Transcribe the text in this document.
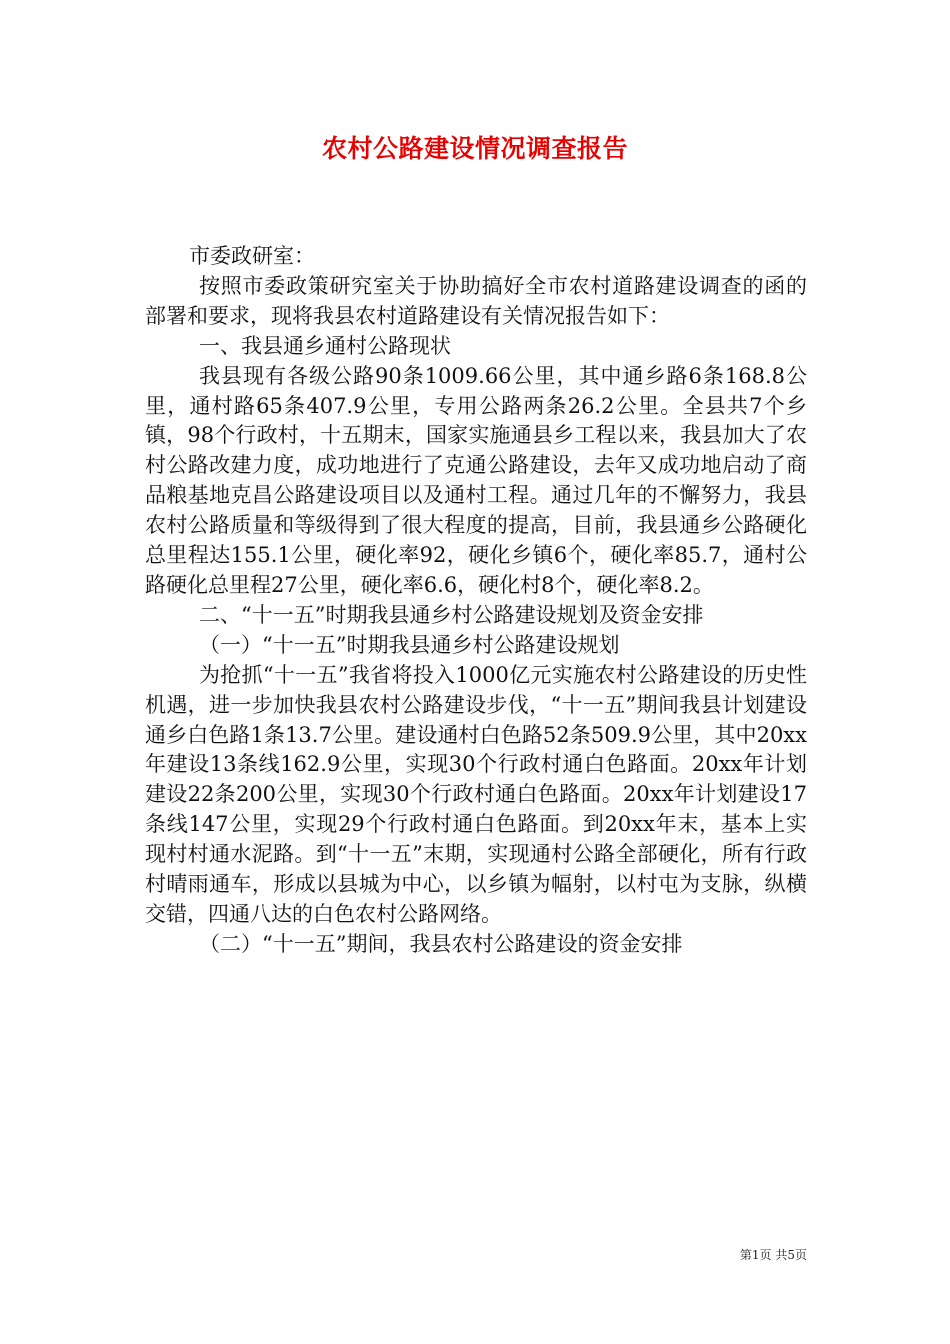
农村公路建设情况调查报告

市委政研室：

按照市委政策研究室关于协助搞好全市农村道路建设调查的函的部署和要求，现将我县农村道路建设有关情况报告如下：

一、我县通乡通村公路现状

我县现有各级公路90条1009.66公里，其中通乡路6条168.8公里，通村路65条407.9公里，专用公路两条26.2公里。全县共7个乡镇，98个行政村，十五期末，国家实施通县乡工程以来，我县加大了农村公路改建力度，成功地进行了克通公路建设，去年又成功地启动了商品粮基地克昌公路建设项目以及通村工程。通过几年的不懈努力，我县农村公路质量和等级得到了很大程度的提高，目前，我县通乡公路硬化总里程达155.1公里，硬化率92，硬化乡镇6个，硬化率85.7，通村公路硬化总里程27公里，硬化率6.6，硬化村8个，硬化率8.2。

二、“十一五”时期我县通乡村公路建设规划及资金安排

（一）“十一五”时期我县通乡村公路建设规划

为抢抓“十一五”我省将投入1000亿元实施农村公路建设的历史性机遇，进一步加快我县农村公路建设步伐，“十一五”期间我县计划建设通乡白色路1条13.7公里。建设通村白色路52条509.9公里，其中20xx年建设13条线162.9公里，实现30个行政村通白色路面。20xx年计划建设22条200公里，实现30个行政村通白色路面。20xx年计划建设17条线147公里，实现29个行政村通白色路面。到20xx年末，基本上实现村村通水泥路。到“十一五”末期，实现通村公路全部硬化，所有行政村晴雨通车，形成以县城为中心，以乡镇为幅射，以村屯为支脉，纵横交错，四通八达的白色农村公路网络。

（二）“十一五”期间，我县农村公路建设的资金安排

第1页 共5页
